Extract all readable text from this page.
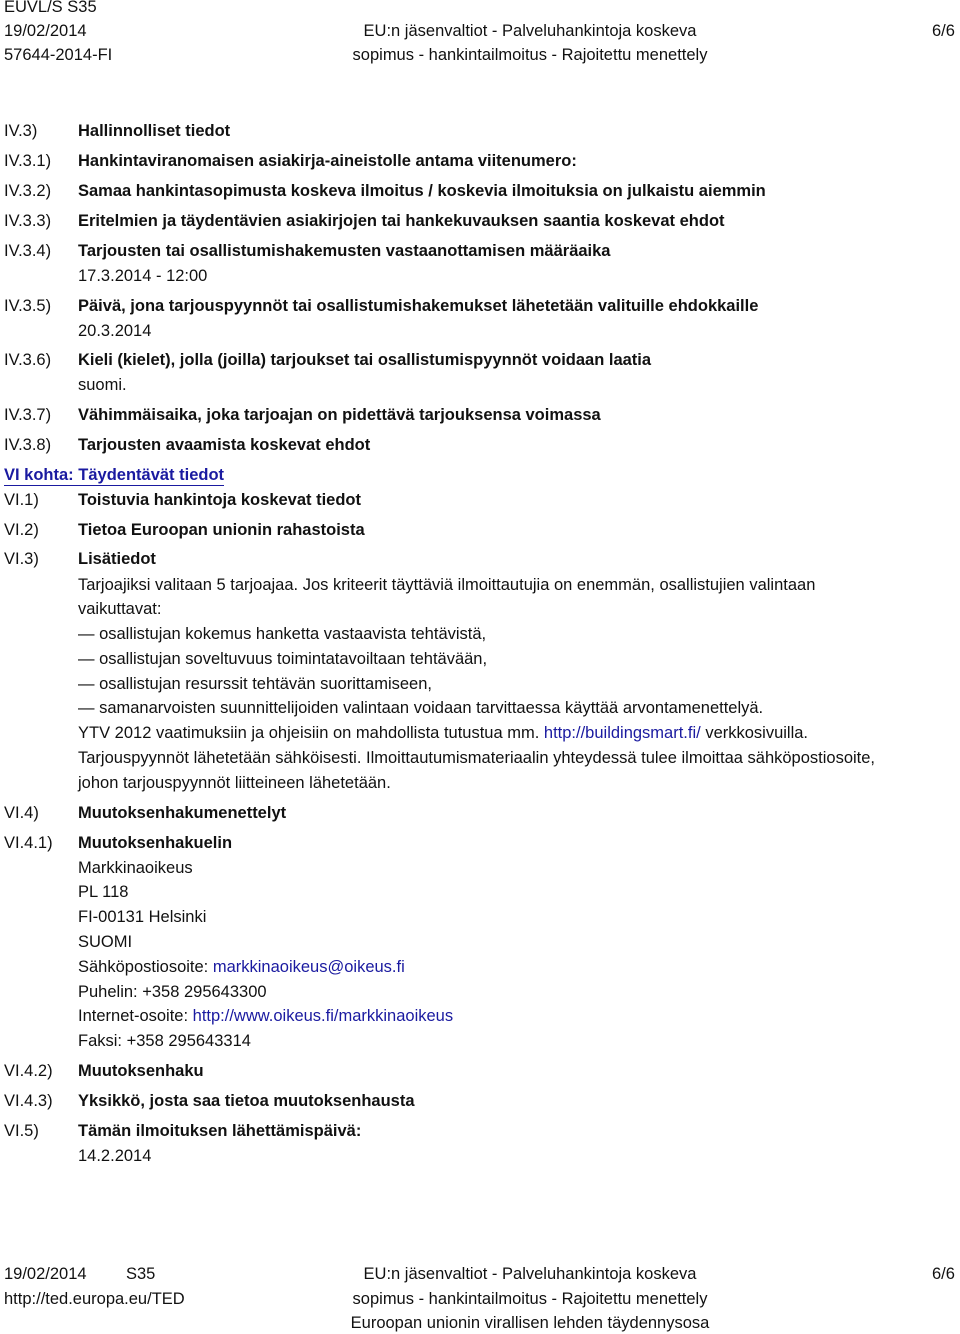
EUVL/S S35
19/02/2014
57644-2014-FI
EU:n jäsenvaltiot - Palveluhankintoja koskeva
sopimus - hankintailmoitus - Rajoitettu menettely
6/6
IV.3) Hallinnolliset tiedot
IV.3.1) Hankintaviranomaisen asiakirja-aineistolle antama viitenumero:
IV.3.2) Samaa hankintasopimusta koskeva ilmoitus / koskevia ilmoituksia on julkaistu aiemmin
IV.3.3) Eritelmien ja täydentävien asiakirjojen tai hankekuvauksen saantia koskevat ehdot
IV.3.4) Tarjousten tai osallistumishakemusten vastaanottamisen määräaika
17.3.2014 - 12:00
IV.3.5) Päivä, jona tarjouspyynnöt tai osallistumishakemukset lähetetään valituille ehdokkaille
20.3.2014
IV.3.6) Kieli (kielet), jolla (joilla) tarjoukset tai osallistumispyynnöt voidaan laatia
suomi.
IV.3.7) Vähimmäisaika, joka tarjoajan on pidettävä tarjouksensa voimassa
IV.3.8) Tarjousten avaamista koskevat ehdot
VI kohta: Täydentävät tiedot
VI.1) Toistuvia hankintoja koskevat tiedot
VI.2) Tietoa Euroopan unionin rahastoista
VI.3) Lisätiedot
Tarjoajiksi valitaan 5 tarjoajaa. Jos kriteerit täyttäviä ilmoittautujia on enemmän, osallistujien valintaan
vaikuttavat:
— osallistujan kokemus hanketta vastaavista tehtävistä,
— osallistujan soveltuvuus toimintatavoiltaan tehtävään,
— osallistujan resurssit tehtävän suorittamiseen,
— samanarvoisten suunnittelijoiden valintaan voidaan tarvittaessa käyttää arvontamenettelyä.
YTV 2012 vaatimuksiin ja ohjeisiin on mahdollista tutustua mm. http://buildingsmart.fi/ verkkosivuilla.
Tarjouspyynnöt lähetetään sähköisesti. Ilmoittautumismateriaalin yhteydessä tulee ilmoittaa sähköpostiosoite,
johon tarjouspyynnöt liitteineen lähetetään.
VI.4) Muutoksenhakumenettelyt
VI.4.1) Muutoksenhakuelin
Markkinaoikeus
PL 118
FI-00131 Helsinki
SUOMI
Sähköpostiosoite: markkinaoikeus@oikeus.fi
Puhelin: +358 295643300
Internet-osoite: http://www.oikeus.fi/markkinaoikeus
Faksi: +358 295643314
VI.4.2) Muutoksenhaku
VI.4.3) Yksikkö, josta saa tietoa muutoksenhausta
VI.5) Tämän ilmoituksen lähettämispäivä:
14.2.2014
19/02/2014 S35
http://ted.europa.eu/TED
EU:n jäsenvaltiot - Palveluhankintoja koskeva
sopimus - hankintailmoitus - Rajoitettu menettely
Euroopan unionin virallisen lehden täydennysosa
6/6
